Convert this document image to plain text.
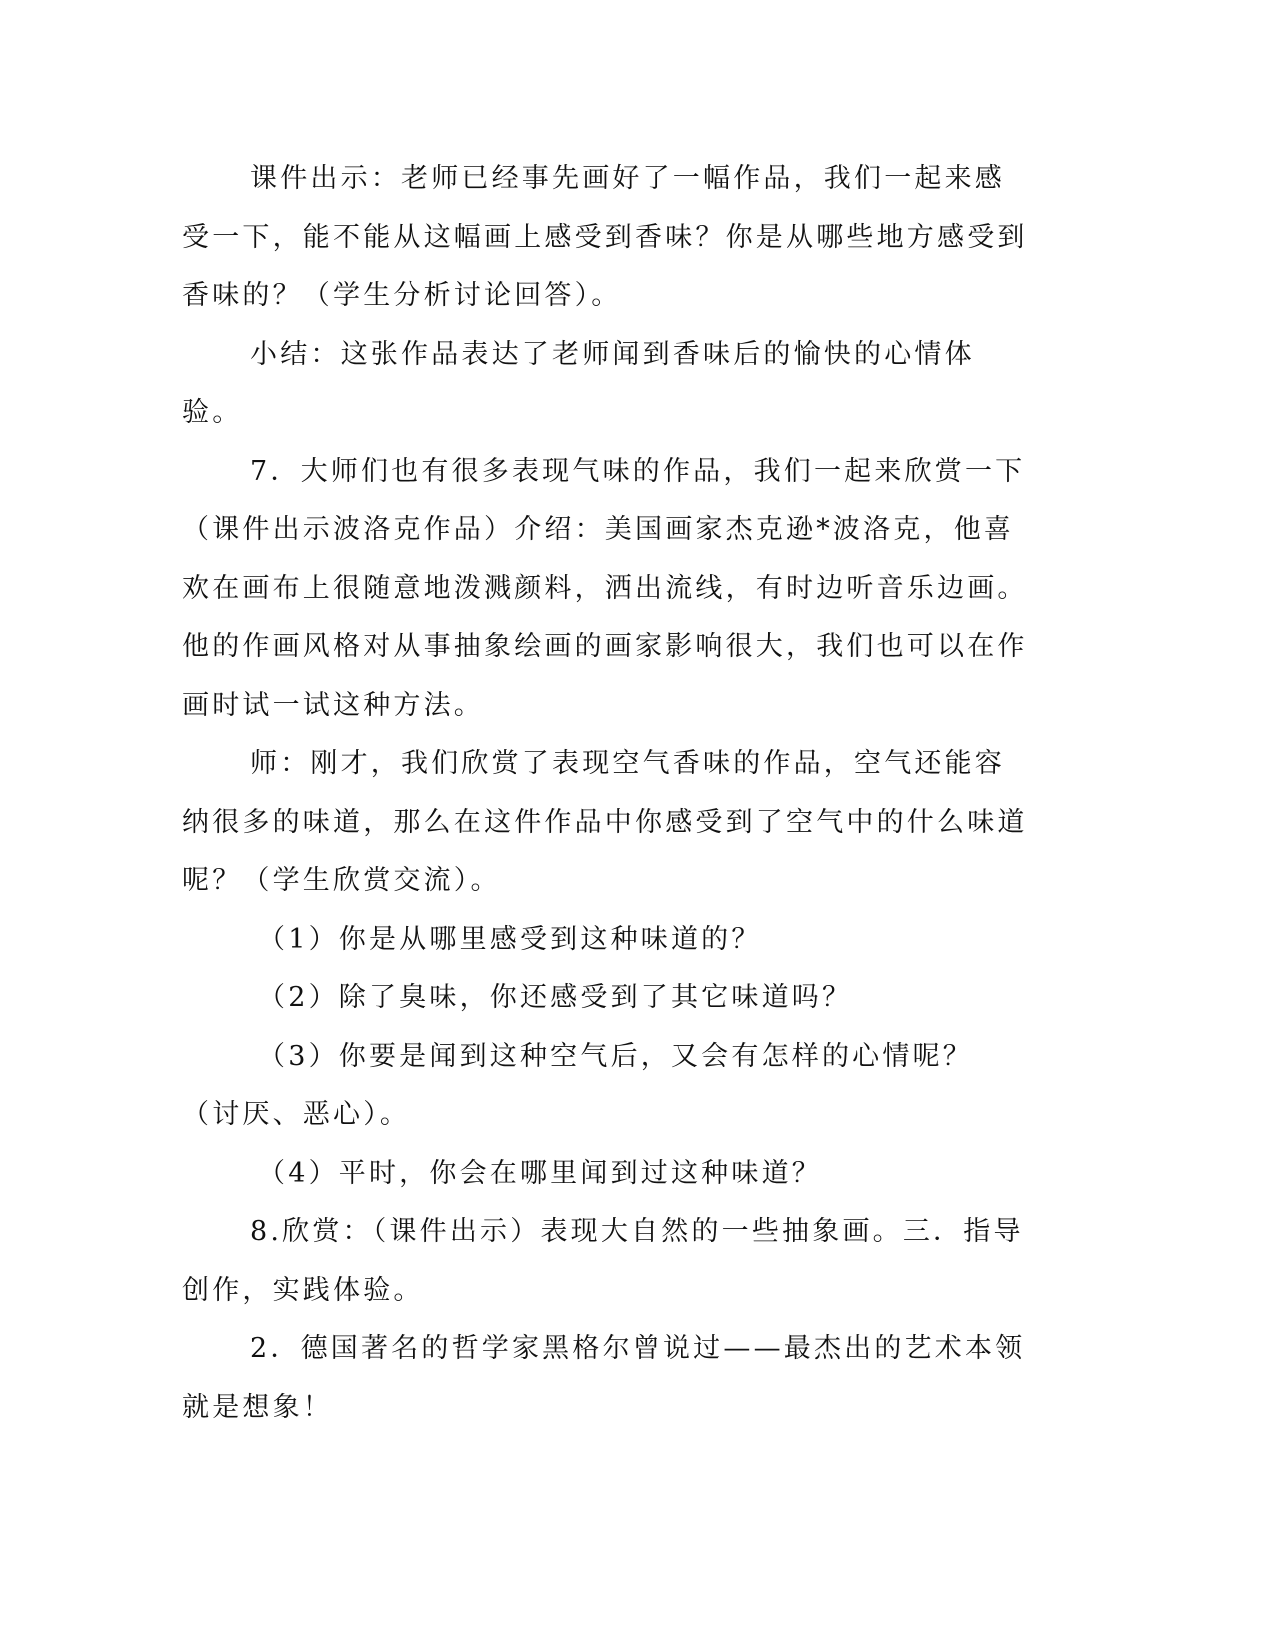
课件出示：老师已经事先画好了一幅作品，我们一起来感受一下，能不能从这幅画上感受到香味？你是从哪些地方感受到香味的？（学生分析讨论回答）。

小结：这张作品表达了老师闻到香味后的愉快的心情体验。

7．大师们也有很多表现气味的作品，我们一起来欣赏一下（课件出示波洛克作品）介绍：美国画家杰克逊*波洛克，他喜欢在画布上很随意地泼溅颜料，洒出流线，有时边听音乐边画。他的作画风格对从事抽象绘画的画家影响很大，我们也可以在作画时试一试这种方法。

师：刚才，我们欣赏了表现空气香味的作品，空气还能容纳很多的味道，那么在这件作品中你感受到了空气中的什么味道呢？（学生欣赏交流）。

（1）你是从哪里感受到这种味道的？

（2）除了臭味，你还感受到了其它味道吗？

（3）你要是闻到这种空气后，又会有怎样的心情呢？（讨厌、恶心）。

（4）平时，你会在哪里闻到过这种味道？

8.欣赏：（课件出示）表现大自然的一些抽象画。三．指导创作，实践体验。

2．德国著名的哲学家黑格尔曾说过——最杰出的艺术本领就是想象！
